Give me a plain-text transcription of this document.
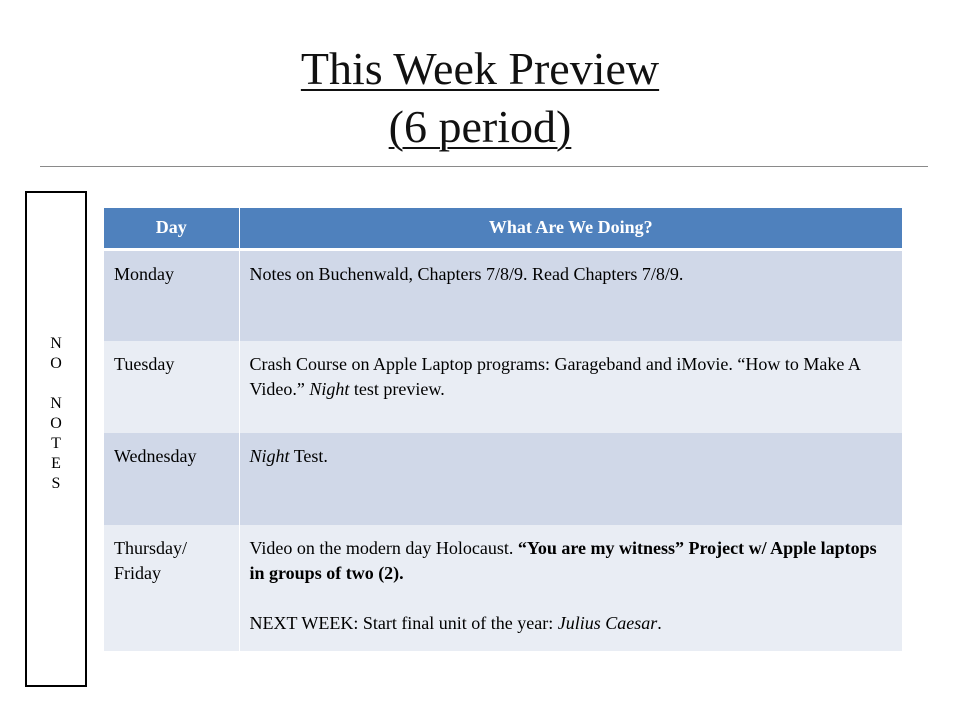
This Week Preview
(6 period)
N
O
N
O
T
E
S
Day	What Are We Doing?
Monday	Notes on Buchenwald, Chapters 7/8/9. Read Chapters 7/8/9.
Tuesday	Crash Course on Apple Laptop programs: Garageband and iMovie. “How to Make A Video.” Night test preview.
Wednesday	Night Test.
Thursday/
Friday	Video on the modern day Holocaust. “You are my witness” Project w/ Apple laptops in groups of two (2).
NEXT WEEK: Start final unit of the year: Julius Caesar.
